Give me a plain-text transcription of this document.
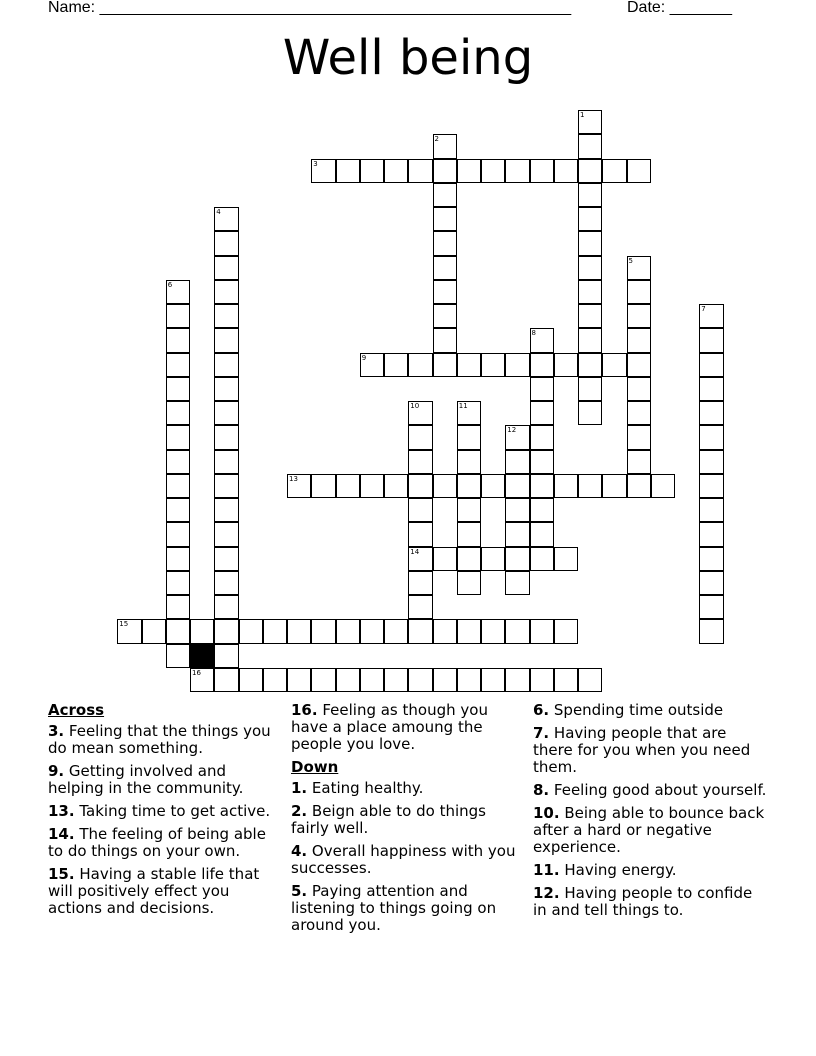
Name: _____________________________________________________	Date: _______
Well being
1
2
3
4
5
6
7
8
9
10	11
12
13
14
15
16
Across
3. Feeling that the things you do mean something.
9. Getting involved and helping in the community.
13. Taking time to get active.
14. The feeling of being able to do things on your own.
15. Having a stable life that will positively effect you actions and decisions.
16. Feeling as though you have a place amoung the people you love.
Down
1. Eating healthy.
2. Beign able to do things fairly well.
4. Overall happiness with you successes.
5. Paying attention and listening to things going on around you.
6. Spending time outside
7. Having people that are there for you when you need them.
8. Feeling good about yourself.
10. Being able to bounce back after a hard or negative experience.
11. Having energy.
12. Having people to confide in and tell things to.
